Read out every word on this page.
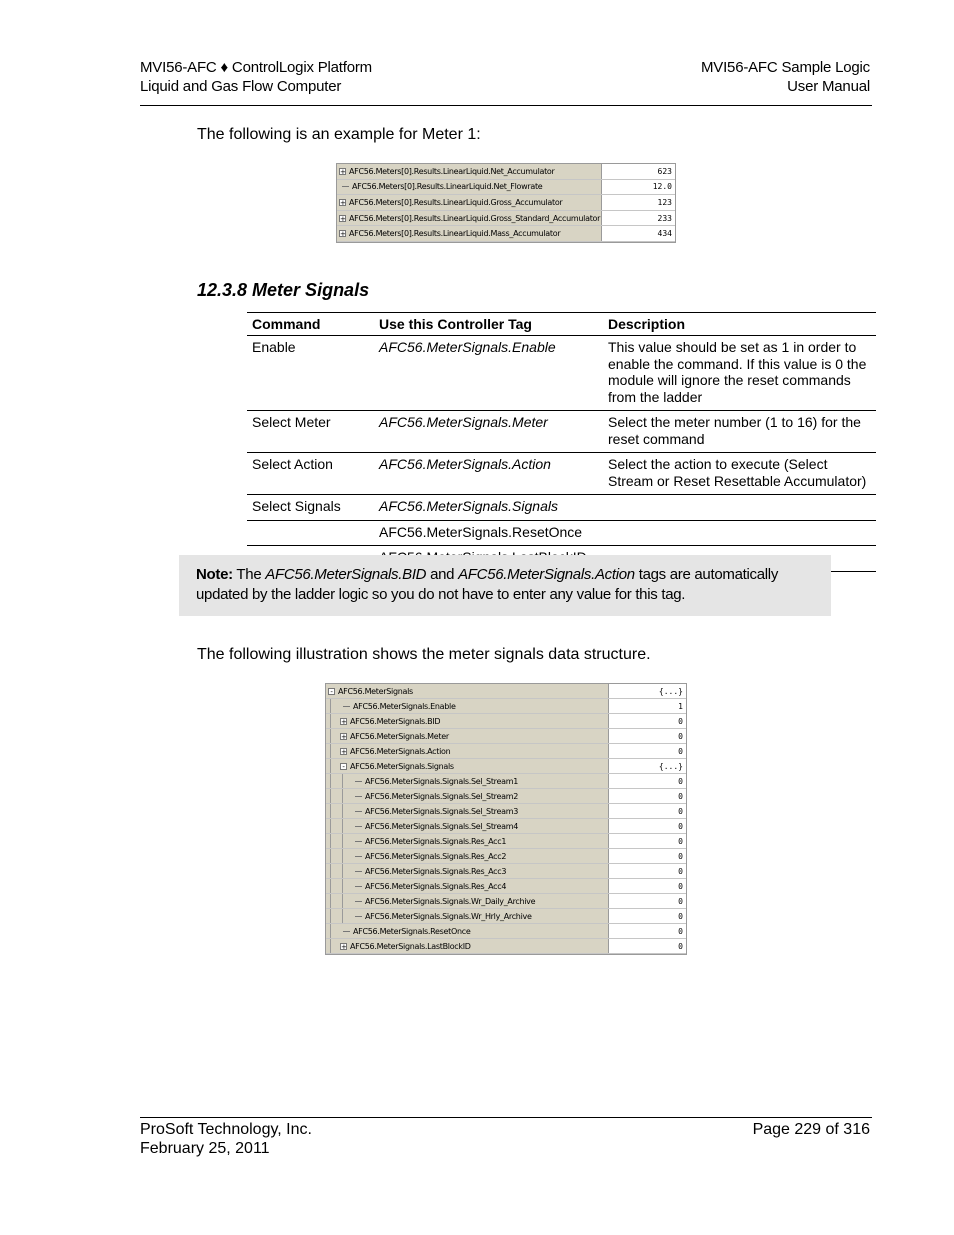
MVI56-AFC ♦ ControlLogix Platform
Liquid and Gas Flow Computer
MVI56-AFC Sample Logic
User Manual
The following is an example for Meter 1:
+ AFC56.Meters[0].Results.LinearLiquid.Net_Accumulator	623
AFC56.Meters[0].Results.LinearLiquid.Net_Flowrate	12.0
+ AFC56.Meters[0].Results.LinearLiquid.Gross_Accumulator	123
+ AFC56.Meters[0].Results.LinearLiquid.Gross_Standard_Accumulator	233
+ AFC56.Meters[0].Results.LinearLiquid.Mass_Accumulator	434
12.3.8 Meter Signals
Command	Use this Controller Tag	Description
Enable	AFC56.MeterSignals.Enable	This value should be set as 1 in order to enable the command. If this value is 0 the module will ignore the reset commands from the ladder
Select Meter	AFC56.MeterSignals.Meter	Select the meter number (1 to 16) for the reset command
Select Action	AFC56.MeterSignals.Action	Select the action to execute (Select Stream or Reset Resettable Accumulator)
Select Signals	AFC56.MeterSignals.Signals	
	AFC56.MeterSignals.ResetOnce	

Note: The AFC56.MeterSignals.BID and AFC56.MeterSignals.Action tags are automatically updated by the ladder logic so you do not have to enter any value for this tag.
The following illustration shows the meter signals data structure.
- AFC56.MeterSignals	{...}
AFC56.MeterSignals.Enable	1
+ AFC56.MeterSignals.BID	0
+ AFC56.MeterSignals.Meter	0
+ AFC56.MeterSignals.Action	0
- AFC56.MeterSignals.Signals	{...}
AFC56.MeterSignals.Signals.Sel_Stream1	0
AFC56.MeterSignals.Signals.Sel_Stream2	0
AFC56.MeterSignals.Signals.Sel_Stream3	0
AFC56.MeterSignals.Signals.Sel_Stream4	0
AFC56.MeterSignals.Signals.Res_Acc1	0
AFC56.MeterSignals.Signals.Res_Acc2	0
AFC56.MeterSignals.Signals.Res_Acc3	0
AFC56.MeterSignals.Signals.Res_Acc4	0
AFC56.MeterSignals.Signals.Wr_Daily_Archive	0
AFC56.MeterSignals.Signals.Wr_Hrly_Archive	0
AFC56.MeterSignals.ResetOnce	0
+ AFC56.MeterSignals.LastBlockID	0
ProSoft Technology, Inc.
February 25, 2011
Page 229 of 316
